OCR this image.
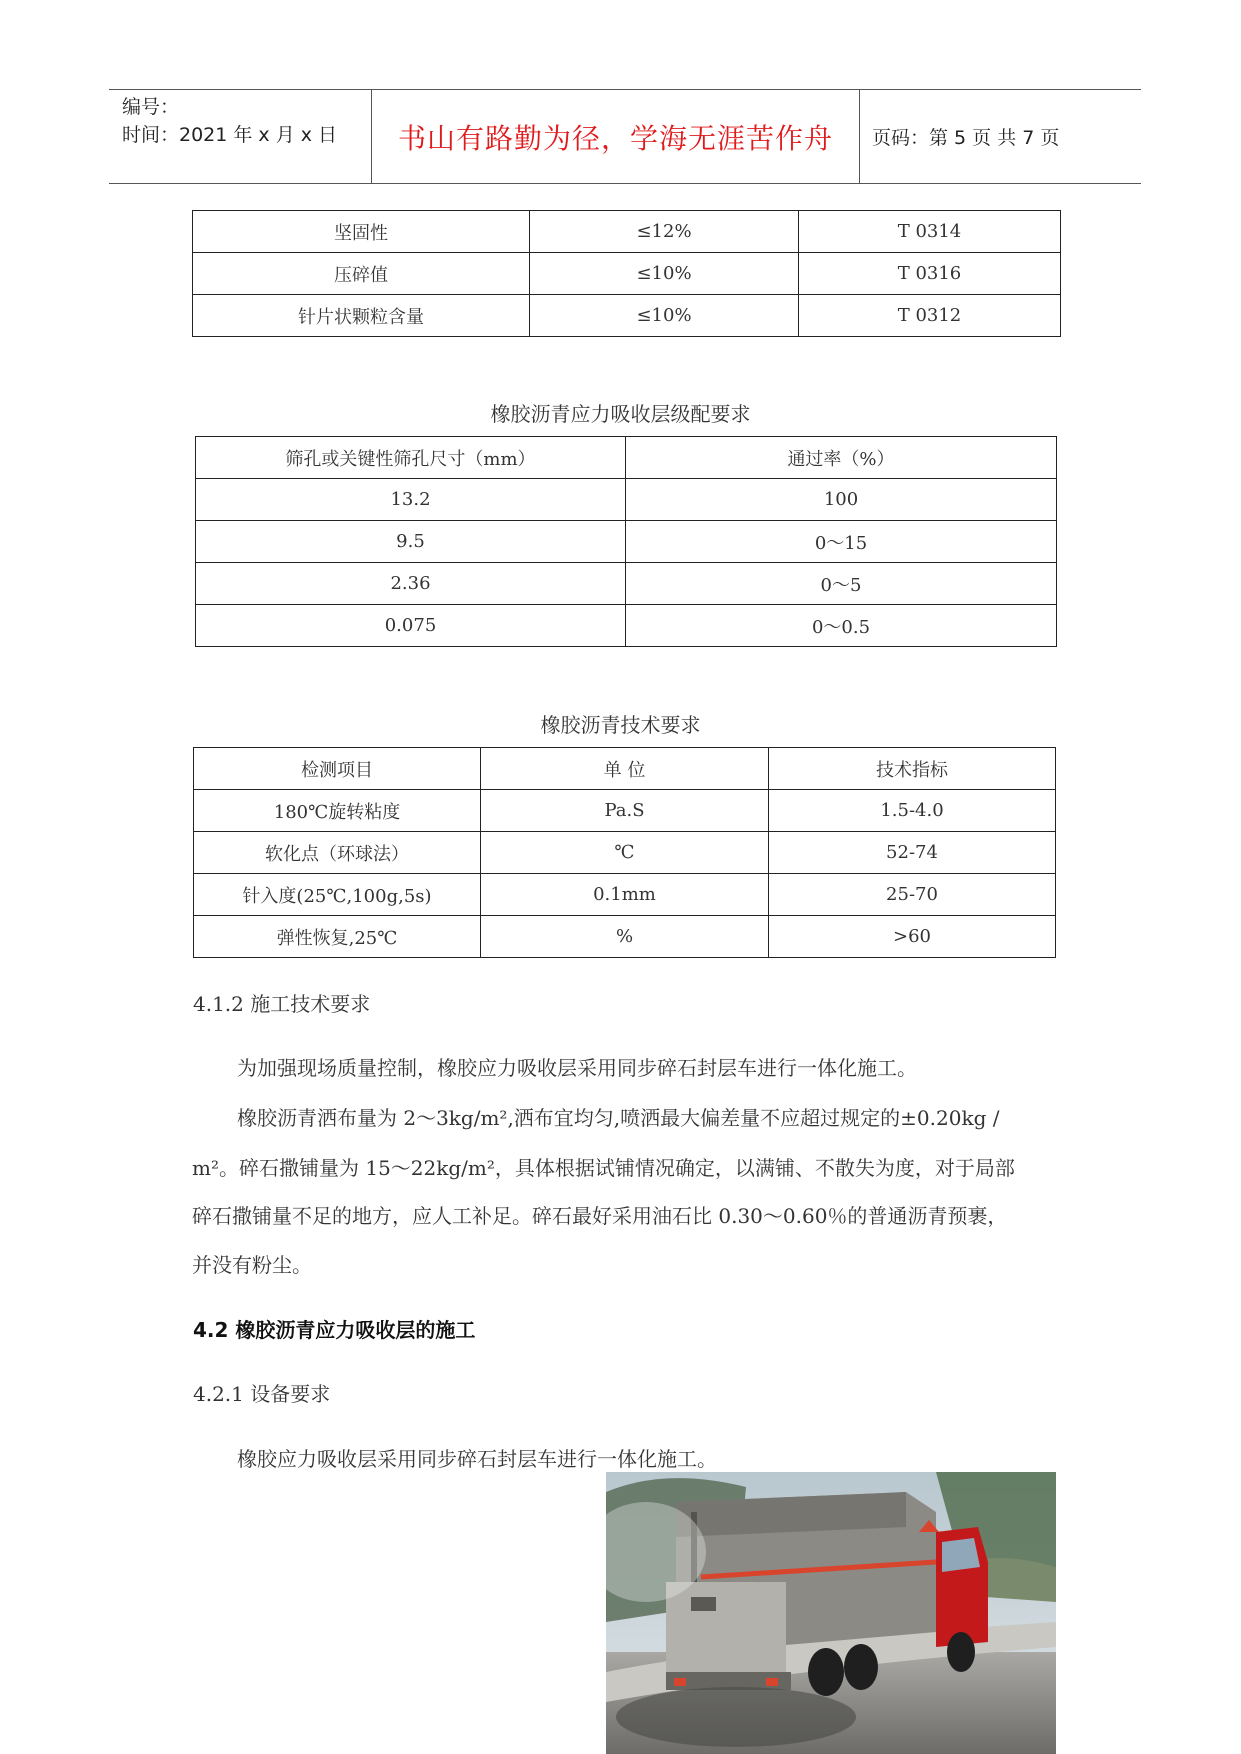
编号：
时间：2021 年 x 月 x 日	书山有路勤为径，学海无涯苦作舟	页码：第 5 页 共 7 页
坚固性	≤12%	T 0314
压碎值	≤10%	T 0316
针片状颗粒含量	≤10%	T 0312
橡胶沥青应力吸收层级配要求
筛孔或关键性筛孔尺寸（mm）	通过率（%）
13.2	100
9.5	0～15
2.36	0～5
0.075	0～0.5
橡胶沥青技术要求
检测项目	单 位	技术指标
180℃旋转粘度	Pa.S	1.5-4.0
软化点（环球法）	℃	52-74
针入度(25℃,100g,5s)	0.1mm	25-70
弹性恢复,25℃	%	>60
4.1.2 施工技术要求
为加强现场质量控制，橡胶应力吸收层采用同步碎石封层车进行一体化施工。
橡胶沥青洒布量为 2～3kg/m²,洒布宜均匀,喷洒最大偏差量不应超过规定的±0.20kg /
m²。碎石撒铺量为 15～22kg/m²，具体根据试铺情况确定，以满铺、不散失为度，对于局部
碎石撒铺量不足的地方，应人工补足。碎石最好采用油石比 0.30～0.60％的普通沥青预裹，
并没有粉尘。
4.2 橡胶沥青应力吸收层的施工
4.2.1 设备要求
橡胶应力吸收层采用同步碎石封层车进行一体化施工。
